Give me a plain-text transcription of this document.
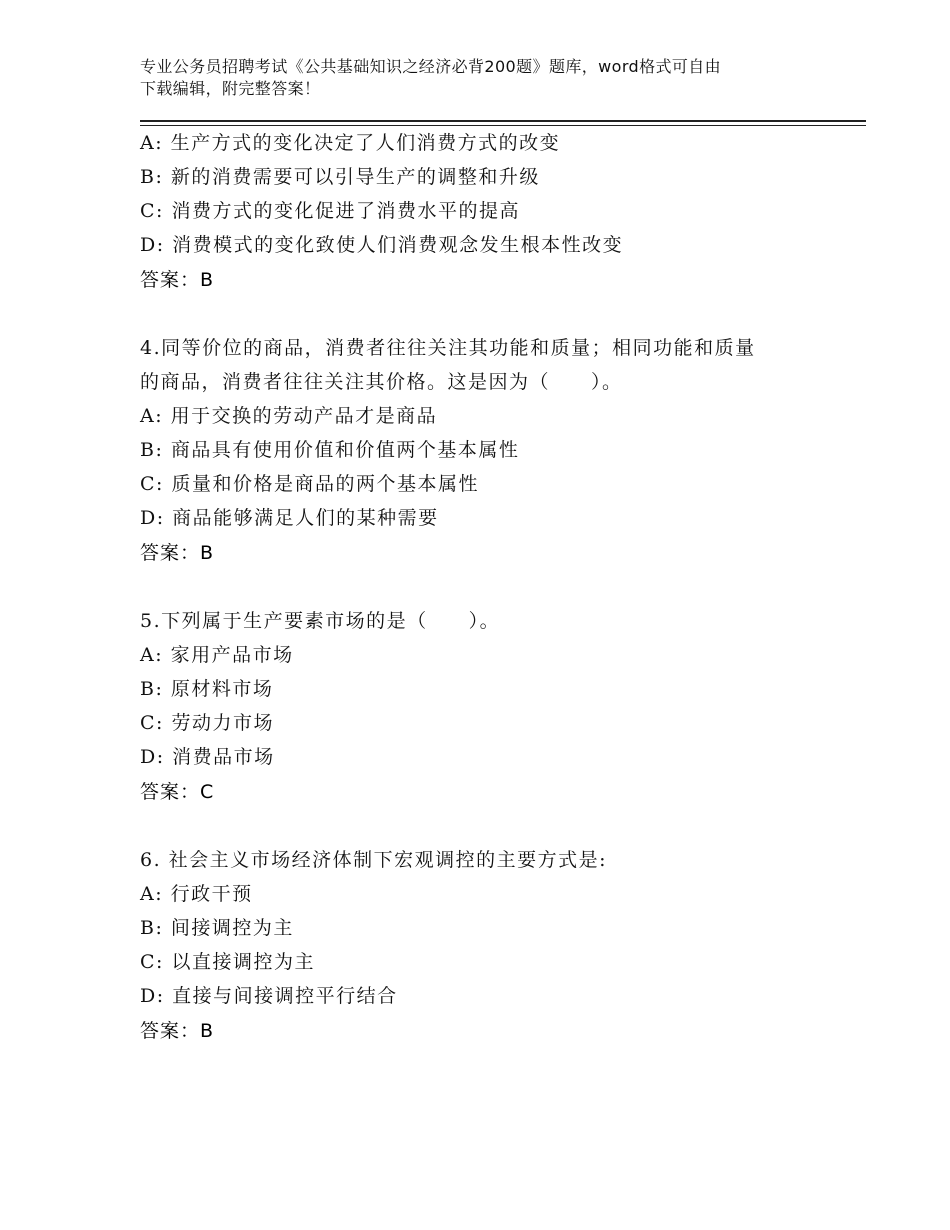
专业公务员招聘考试《公共基础知识之经济必背200题》题库，word格式可自由
下载编辑，附完整答案！
A: 生产方式的变化决定了人们消费方式的改变
B: 新的消费需要可以引导生产的调整和升级
C: 消费方式的变化促进了消费水平的提高
D: 消费模式的变化致使人们消费观念发生根本性改变
答案：B
4.同等价位的商品，消费者往往关注其功能和质量；相同功能和质量
的商品，消费者往往关注其价格。这是因为（　　）。
A: 用于交换的劳动产品才是商品
B: 商品具有使用价值和价值两个基本属性
C: 质量和价格是商品的两个基本属性
D: 商品能够满足人们的某种需要
答案：B
5.下列属于生产要素市场的是（　　）。
A: 家用产品市场
B: 原材料市场
C: 劳动力市场
D: 消费品市场
答案：C
6. 社会主义市场经济体制下宏观调控的主要方式是:
A: 行政干预
B: 间接调控为主
C: 以直接调控为主
D: 直接与间接调控平行结合
答案：B
